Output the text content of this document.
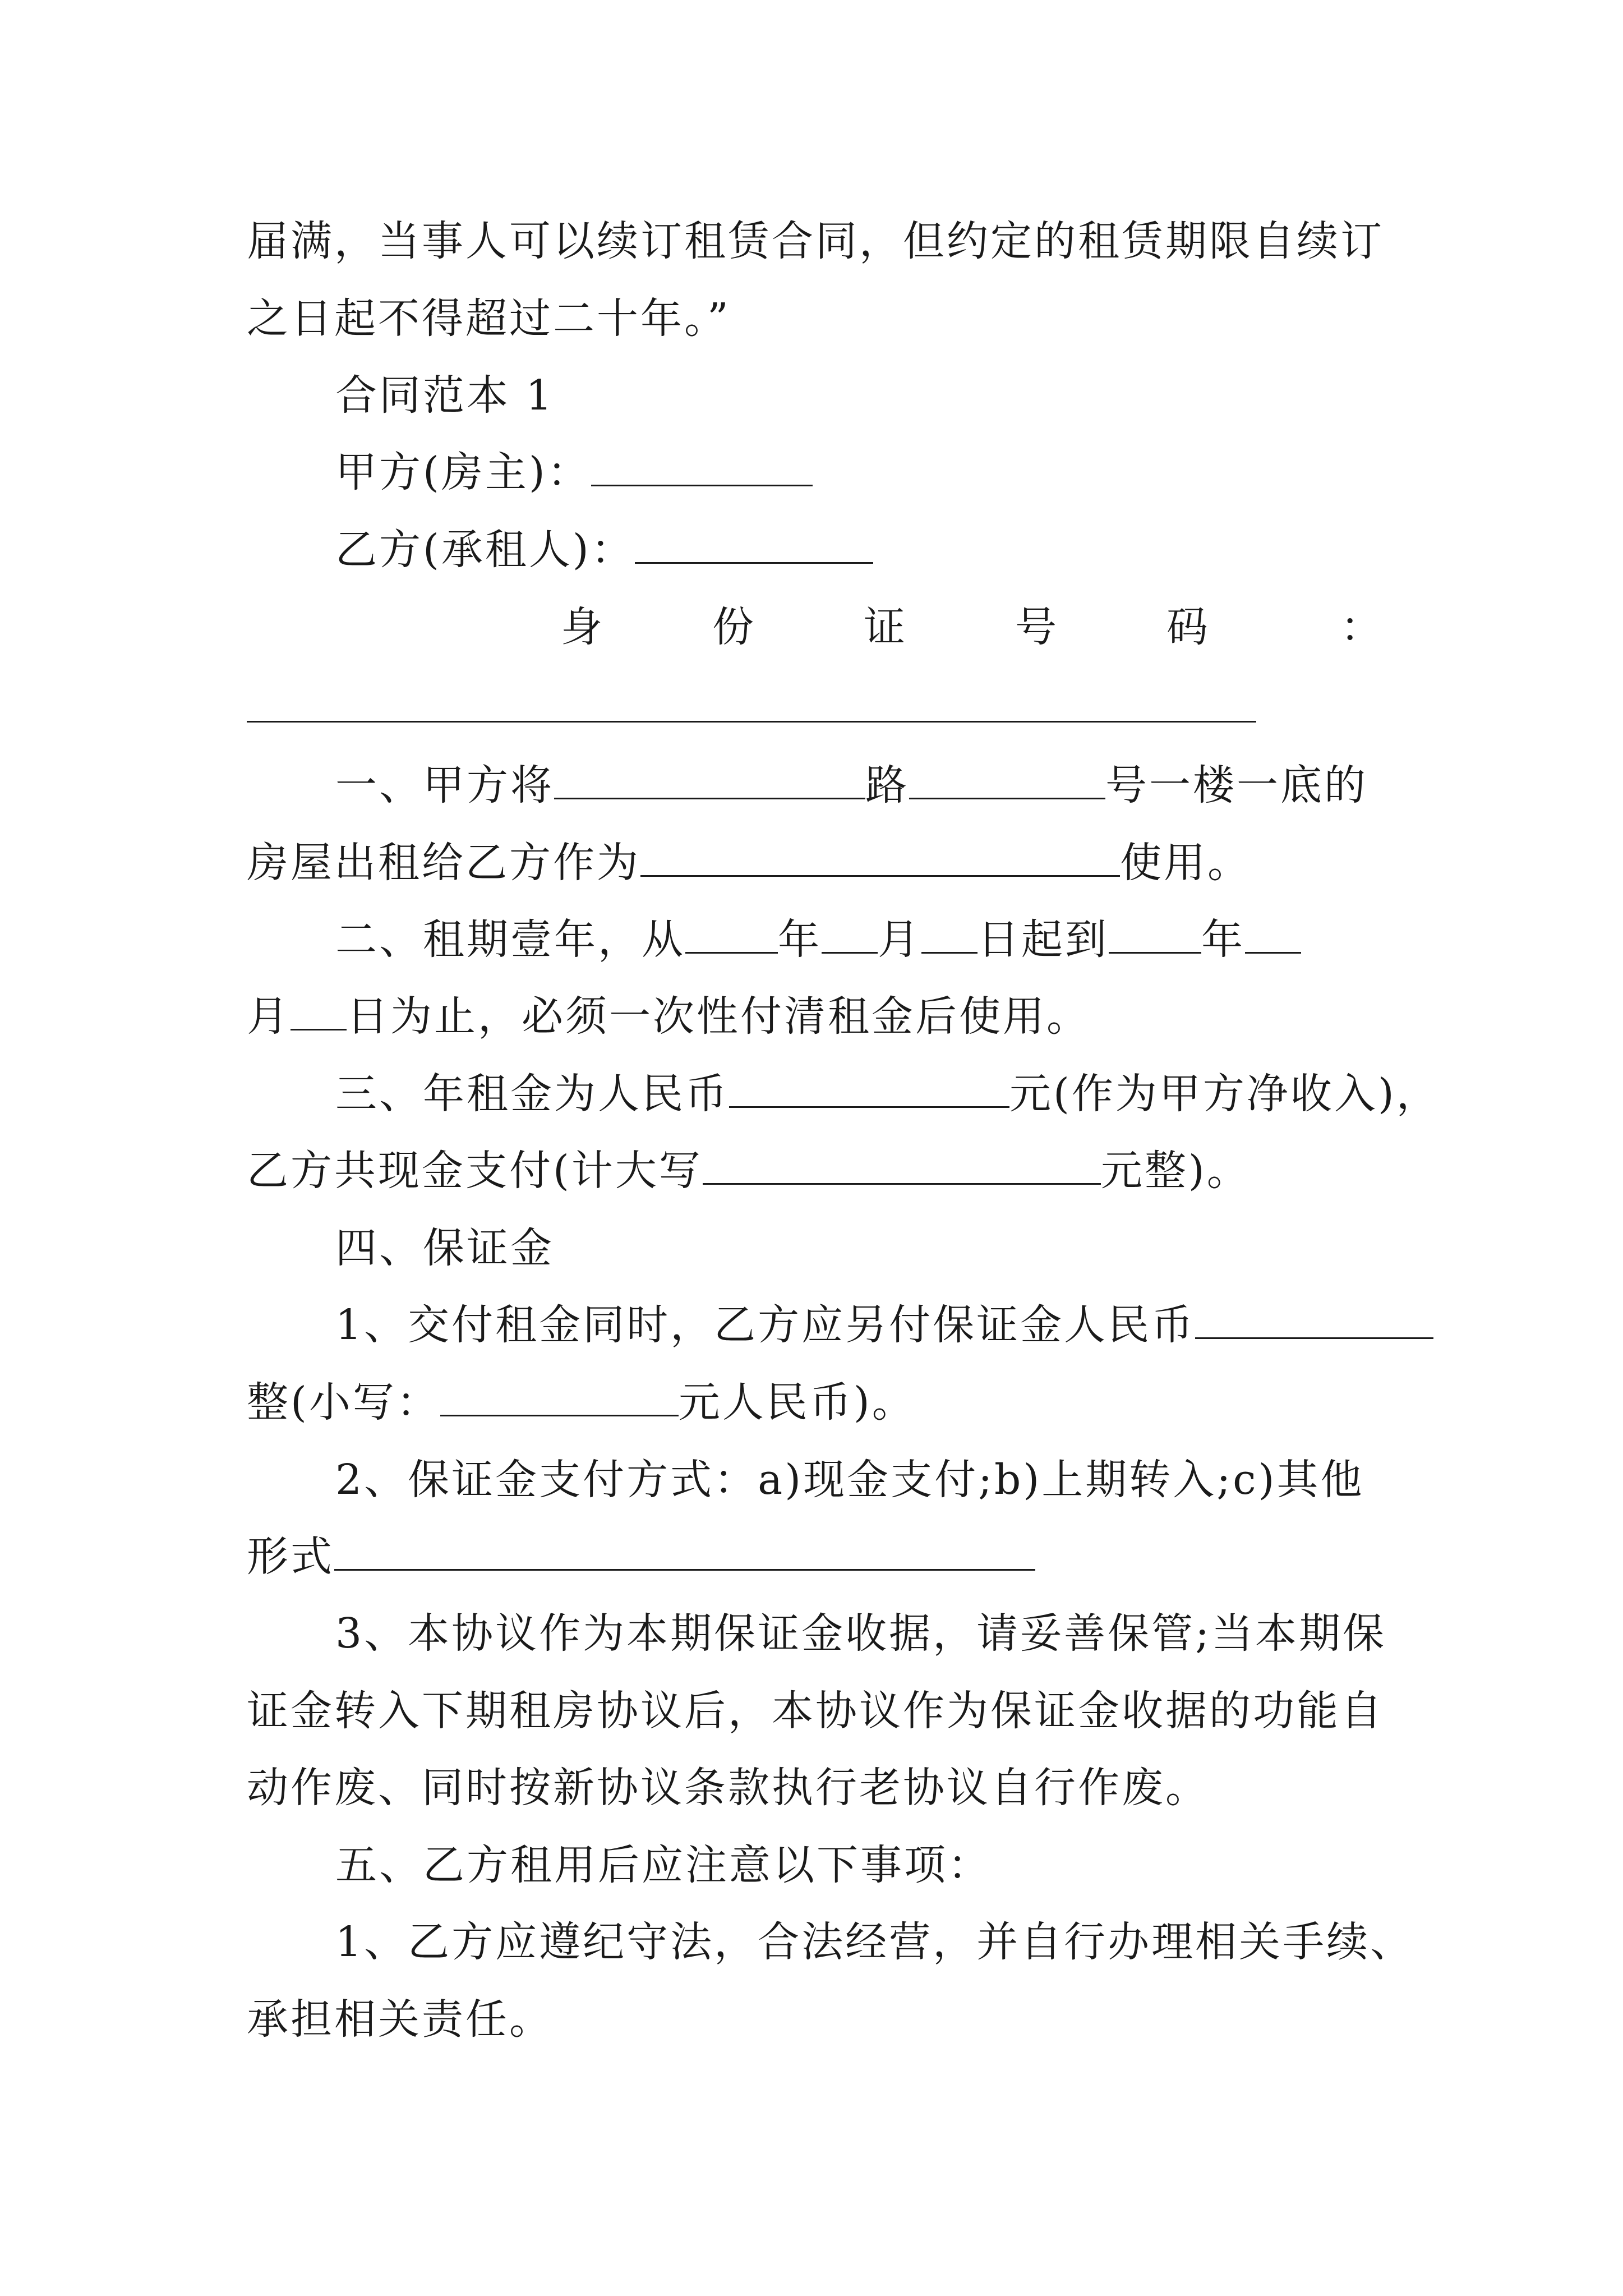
届满，当事人可以续订租赁合同，但约定的租赁期限自续订
之日起不得超过二十年。”
合同范本 1
甲方(房主)：
乙方(承租人)：
身	份	证	号	码	：
一、甲方将	路	号一楼一底的
房屋出租给乙方作为	使用。
二、租期壹年，从 年 月 日起到 年
月 日为止，必须一次性付清租金后使用。
三、年租金为人民币	元(作为甲方净收入)，
乙方共现金支付(计大写	元整)。
四、保证金
1、交付租金同时，乙方应另付保证金人民币
整(小写：	元人民币)。
2、保证金支付方式：a)现金支付;b)上期转入;c)其他
形式
3、本协议作为本期保证金收据，请妥善保管;当本期保
证金转入下期租房协议后，本协议作为保证金收据的功能自
动作废、同时按新协议条款执行老协议自行作废。
五、乙方租用后应注意以下事项：
1、乙方应遵纪守法，合法经营，并自行办理相关手续、
承担相关责任。
